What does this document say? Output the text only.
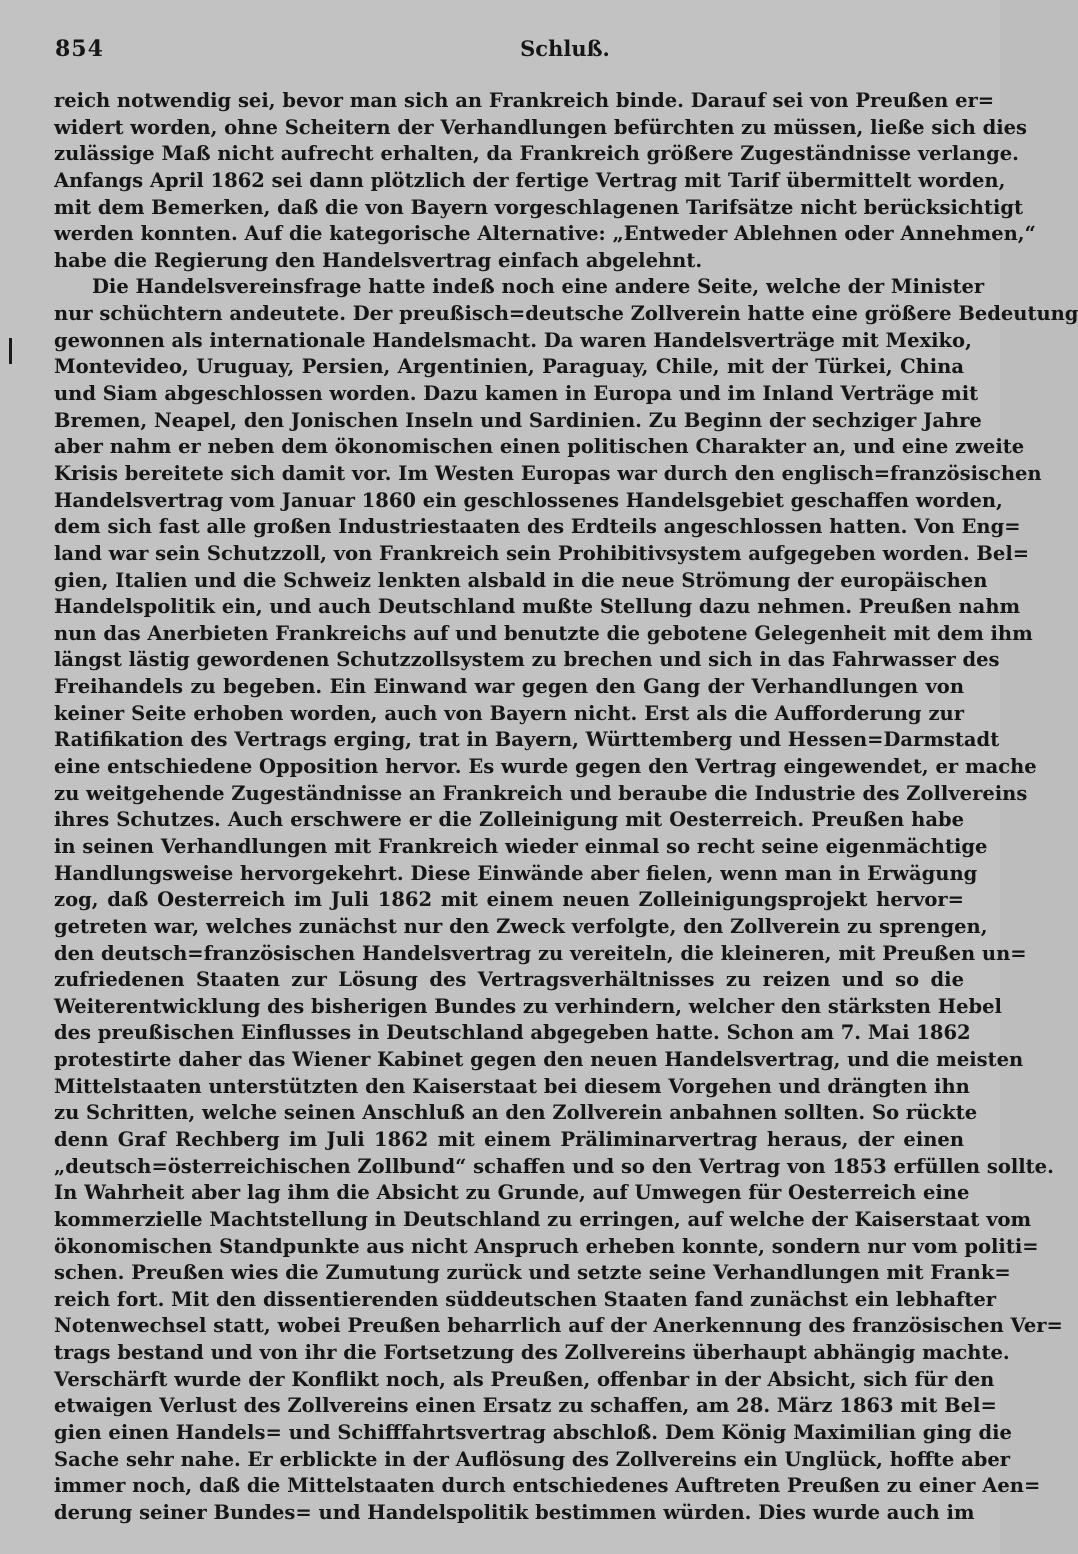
854	Schluß.
reich notwendig sei, bevor man sich an Frankreich binde. Darauf sei von Preußen er=
widert worden, ohne Scheitern der Verhandlungen befürchten zu müssen, ließe sich dies
zulässige Maß nicht aufrecht erhalten, da Frankreich größere Zugeständnisse verlange.
Anfangs April 1862 sei dann plötzlich der fertige Vertrag mit Tarif übermittelt worden,
mit dem Bemerken, daß die von Bayern vorgeschlagenen Tarifsätze nicht berücksichtigt
werden konnten. Auf die kategorische Alternative: „Entweder Ablehnen oder Annehmen,“
habe die Regierung den Handelsvertrag einfach abgelehnt.
Die Handelsvereinsfrage hatte indeß noch eine andere Seite, welche der Minister
nur schüchtern andeutete. Der preußisch=deutsche Zollverein hatte eine größere Bedeutung
gewonnen als internationale Handelsmacht. Da waren Handelsverträge mit Mexiko,
Montevideo, Uruguay, Persien, Argentinien, Paraguay, Chile, mit der Türkei, China
und Siam abgeschlossen worden. Dazu kamen in Europa und im Inland Verträge mit
Bremen, Neapel, den Jonischen Inseln und Sardinien. Zu Beginn der sechziger Jahre
aber nahm er neben dem ökonomischen einen politischen Charakter an, und eine zweite
Krisis bereitete sich damit vor. Im Westen Europas war durch den englisch=französischen
Handelsvertrag vom Januar 1860 ein geschlossenes Handelsgebiet geschaffen worden,
dem sich fast alle großen Industriestaaten des Erdteils angeschlossen hatten. Von Eng=
land war sein Schutzzoll, von Frankreich sein Prohibitivsystem aufgegeben worden. Bel=
gien, Italien und die Schweiz lenkten alsbald in die neue Strömung der europäischen
Handelspolitik ein, und auch Deutschland mußte Stellung dazu nehmen. Preußen nahm
nun das Anerbieten Frankreichs auf und benutzte die gebotene Gelegenheit mit dem ihm
längst lästig gewordenen Schutzzollsystem zu brechen und sich in das Fahrwasser des
Freihandels zu begeben. Ein Einwand war gegen den Gang der Verhandlungen von
keiner Seite erhoben worden, auch von Bayern nicht. Erst als die Aufforderung zur
Ratifikation des Vertrags erging, trat in Bayern, Württemberg und Hessen=Darmstadt
eine entschiedene Opposition hervor. Es wurde gegen den Vertrag eingewendet, er mache
zu weitgehende Zugeständnisse an Frankreich und beraube die Industrie des Zollvereins
ihres Schutzes. Auch erschwere er die Zolleinigung mit Oesterreich. Preußen habe
in seinen Verhandlungen mit Frankreich wieder einmal so recht seine eigenmächtige
Handlungsweise hervorgekehrt. Diese Einwände aber fielen, wenn man in Erwägung
zog, daß Oesterreich im Juli 1862 mit einem neuen Zolleinigungsprojekt hervor=
getreten war, welches zunächst nur den Zweck verfolgte, den Zollverein zu sprengen,
den deutsch=französischen Handelsvertrag zu vereiteln, die kleineren, mit Preußen un=
zufriedenen Staaten zur Lösung des Vertragsverhältnisses zu reizen und so die
Weiterentwicklung des bisherigen Bundes zu verhindern, welcher den stärksten Hebel
des preußischen Einflusses in Deutschland abgegeben hatte. Schon am 7. Mai 1862
protestirte daher das Wiener Kabinet gegen den neuen Handelsvertrag, und die meisten
Mittelstaaten unterstützten den Kaiserstaat bei diesem Vorgehen und drängten ihn
zu Schritten, welche seinen Anschluß an den Zollverein anbahnen sollten. So rückte
denn Graf Rechberg im Juli 1862 mit einem Präliminarvertrag heraus, der einen
„deutsch=österreichischen Zollbund“ schaffen und so den Vertrag von 1853 erfüllen sollte.
In Wahrheit aber lag ihm die Absicht zu Grunde, auf Umwegen für Oesterreich eine
kommerzielle Machtstellung in Deutschland zu erringen, auf welche der Kaiserstaat vom
ökonomischen Standpunkte aus nicht Anspruch erheben konnte, sondern nur vom politi=
schen. Preußen wies die Zumutung zurück und setzte seine Verhandlungen mit Frank=
reich fort. Mit den dissentierenden süddeutschen Staaten fand zunächst ein lebhafter
Notenwechsel statt, wobei Preußen beharrlich auf der Anerkennung des französischen Ver=
trags bestand und von ihr die Fortsetzung des Zollvereins überhaupt abhängig machte.
Verschärft wurde der Konflikt noch, als Preußen, offenbar in der Absicht, sich für den
etwaigen Verlust des Zollvereins einen Ersatz zu schaffen, am 28. März 1863 mit Bel=
gien einen Handels= und Schifffahrtsvertrag abschloß. Dem König Maximilian ging die
Sache sehr nahe. Er erblickte in der Auflösung des Zollvereins ein Unglück, hoffte aber
immer noch, daß die Mittelstaaten durch entschiedenes Auftreten Preußen zu einer Aen=
derung seiner Bundes= und Handelspolitik bestimmen würden. Dies wurde auch im
